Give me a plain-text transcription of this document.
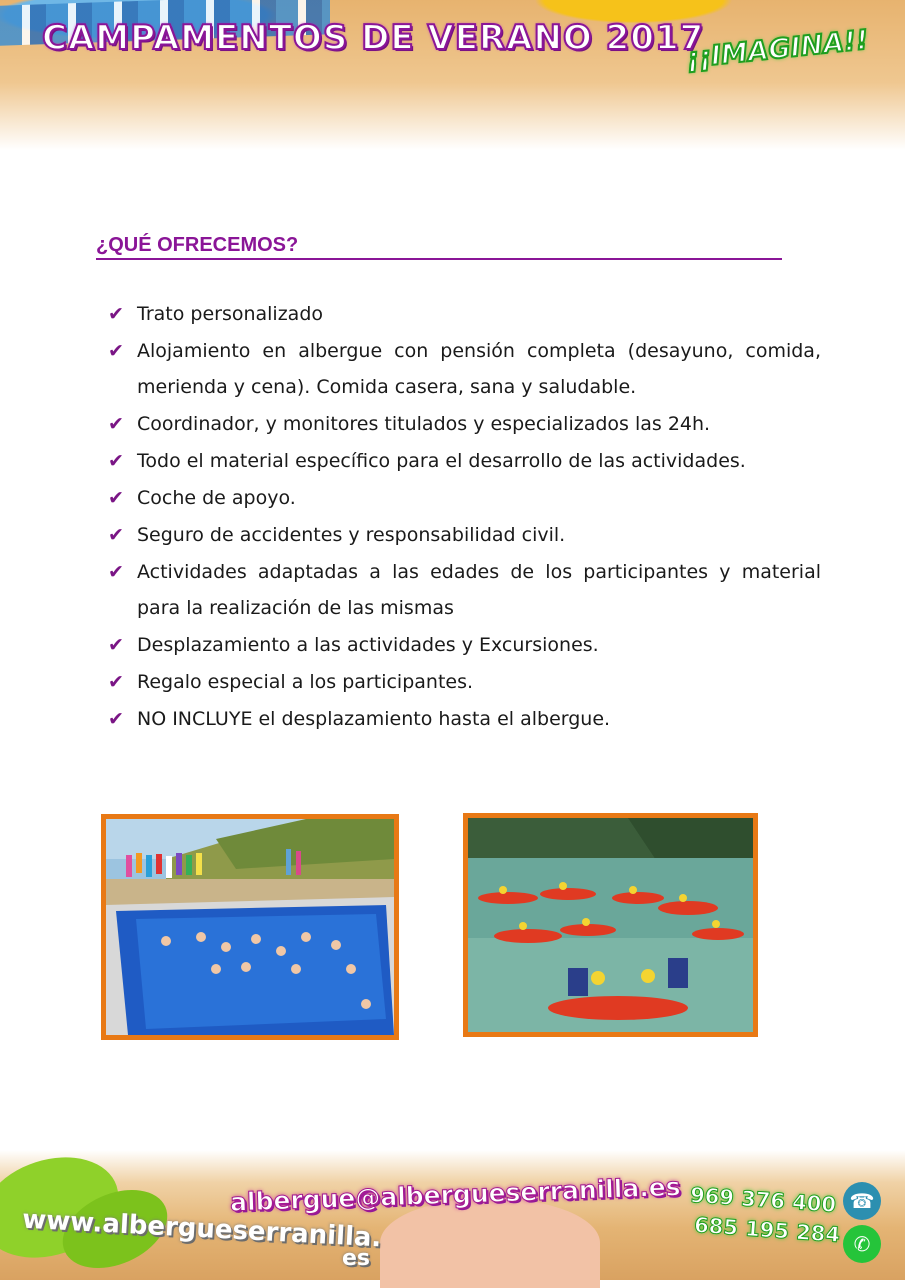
CAMPAMENTOS DE VERANO 2017
¡¡IMAGINA!!
¿QUÉ OFRECEMOS?
✔ Trato personalizado
✔ Alojamiento en albergue con pensión completa (desayuno, comida, merienda y cena). Comida casera, sana y saludable.
✔ Coordinador, y monitores titulados y especializados las 24h.
✔ Todo el material específico para el desarrollo de las actividades.
✔ Coche de apoyo.
✔ Seguro de accidentes y responsabilidad civil.
✔ Actividades adaptadas a las edades de los participantes y material para la realización de las mismas
✔ Desplazamiento a las actividades y Excursiones.
✔ Regalo especial a los participantes.
✔ NO INCLUYE el desplazamiento hasta el albergue.
albergue@albergueserranilla.es
www.albergueserranilla.
es
969 376 400
685 195 284
☎
✆
